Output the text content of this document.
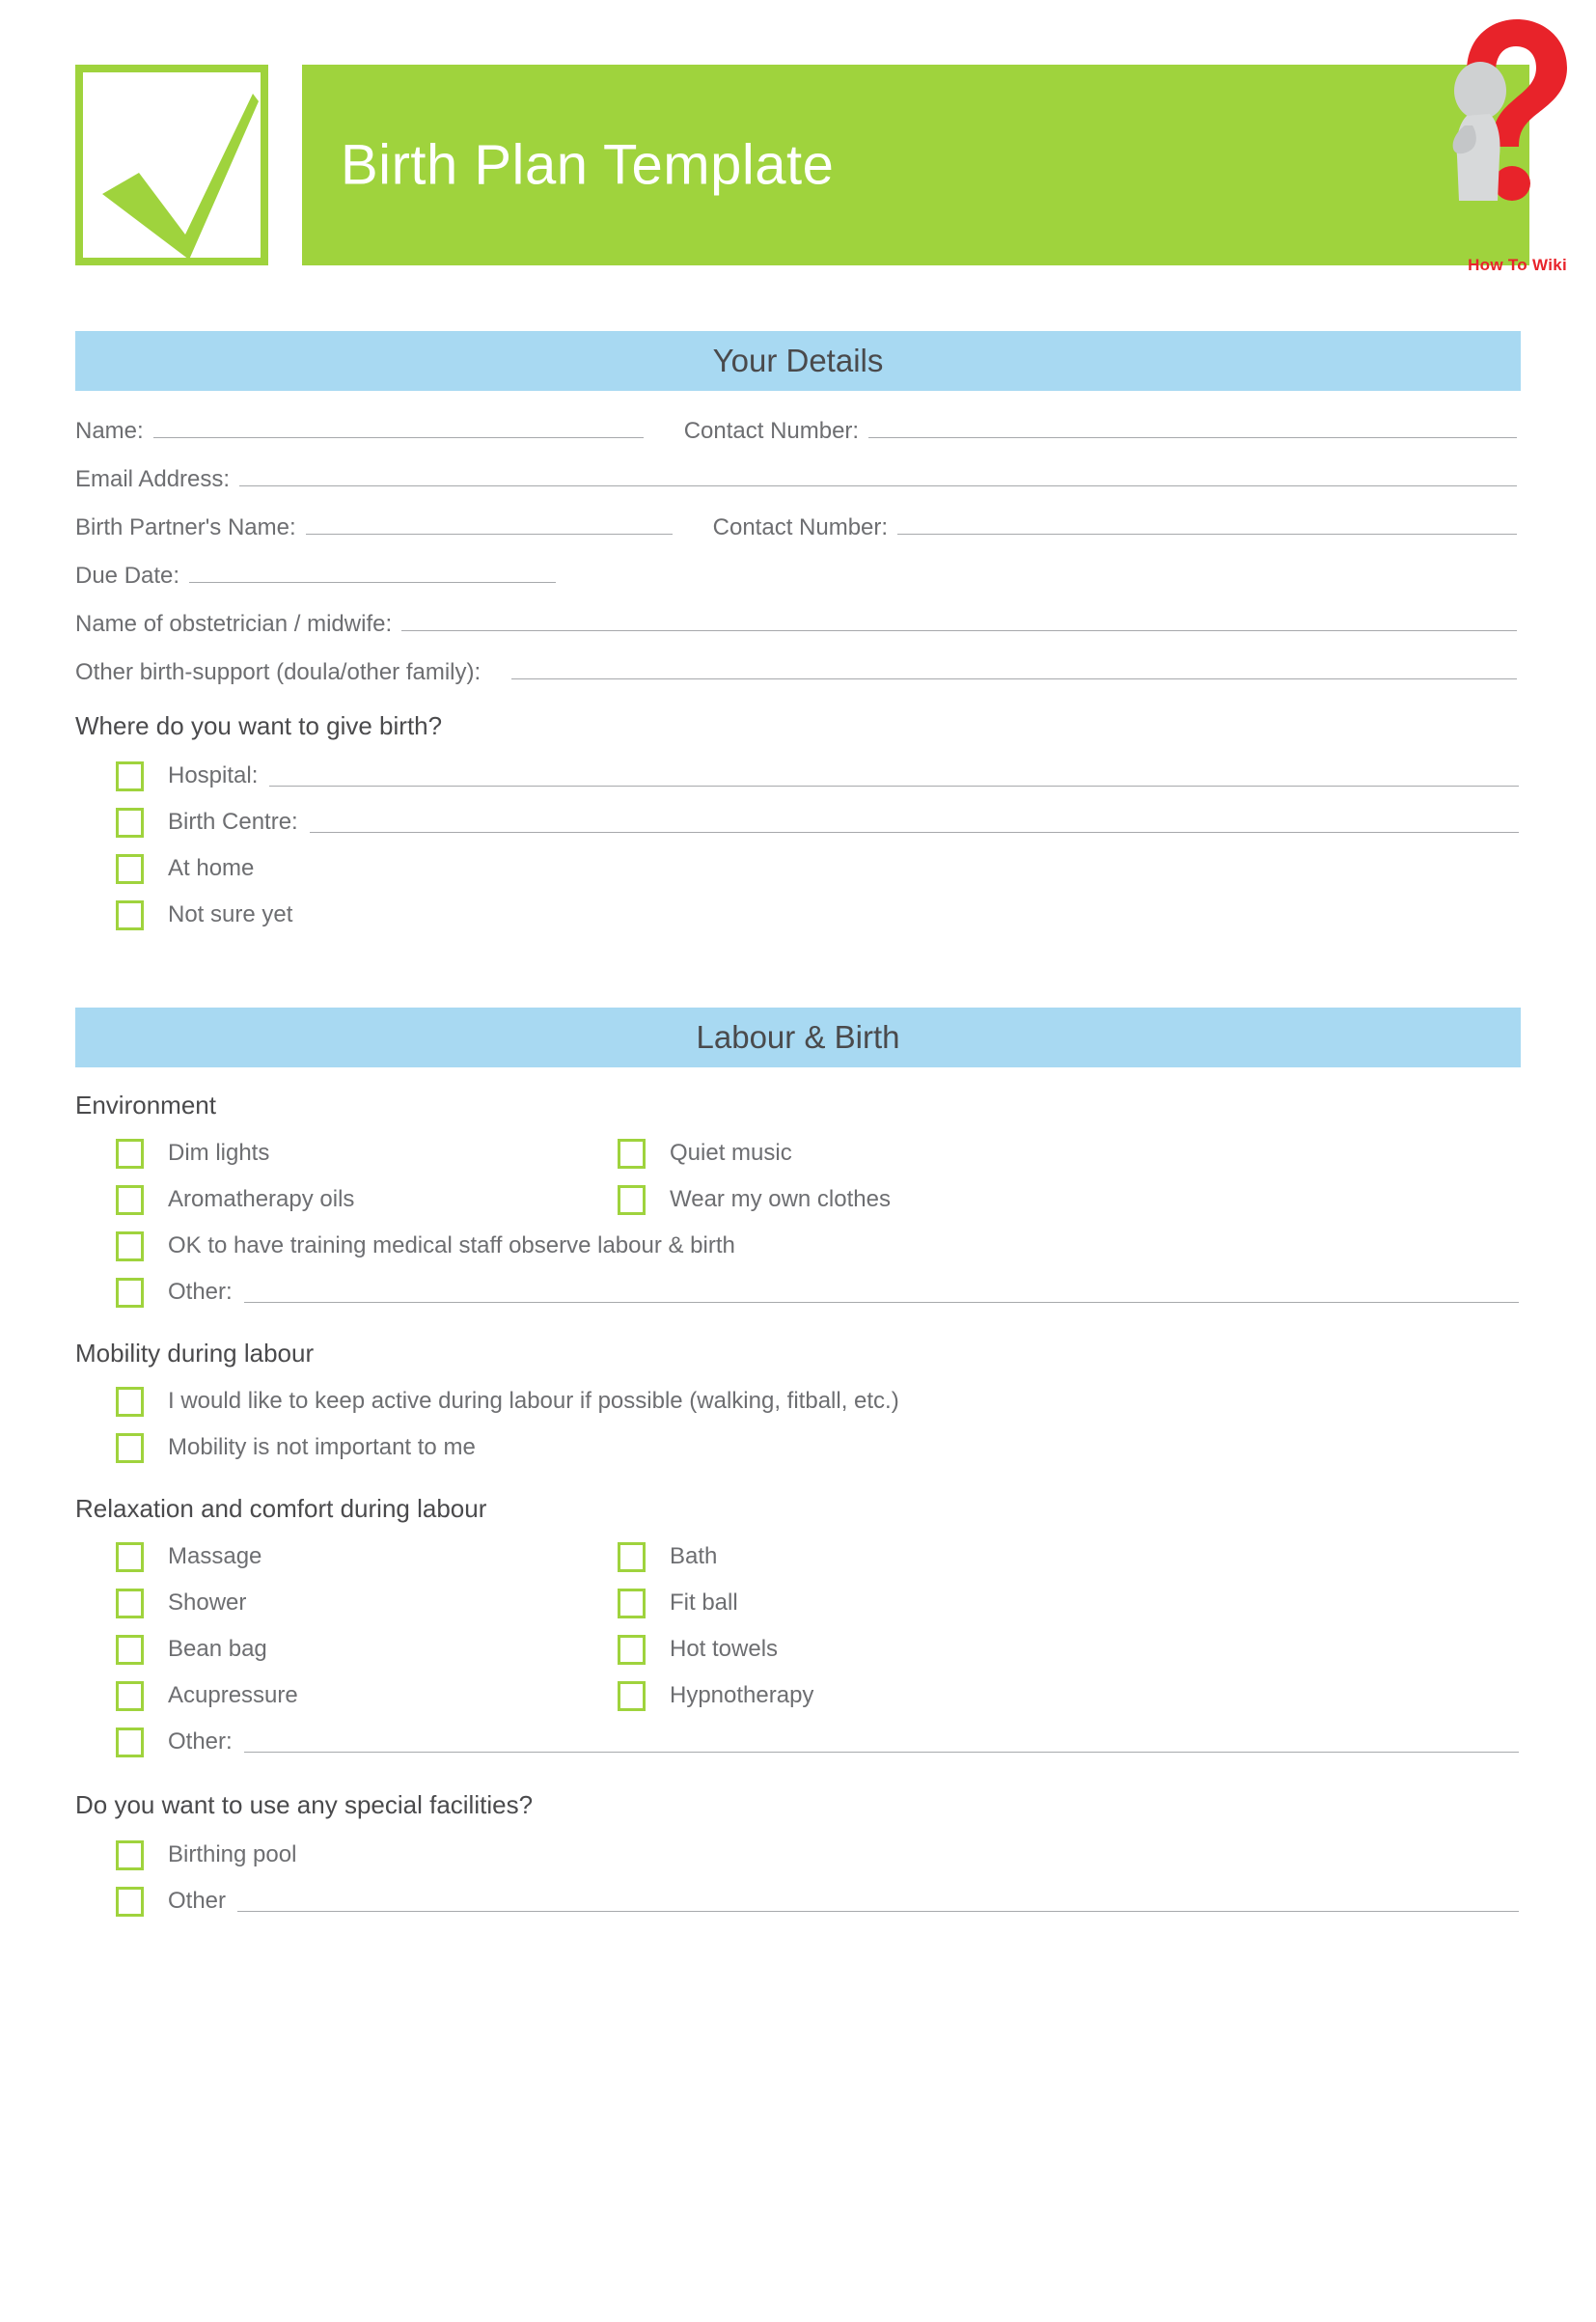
Birth Plan Template
How To Wiki
Your Details
Name:	Contact Number:
Email Address:
Birth Partner's Name:	Contact Number:
Due Date:
Name of obstetrician / midwife:
Other birth-support (doula/other family):
Where do you want to give birth?
Hospital:
Birth Centre:
At home
Not sure yet
Labour & Birth
Environment
Dim lights	Quiet music
Aromatherapy oils	Wear my own clothes
OK to have training medical staff observe labour & birth
Other:
Mobility during labour
I would like to keep active during labour if possible (walking, fitball, etc.)
Mobility is not important to me
Relaxation and comfort during labour
Massage	Bath
Shower	Fit ball
Bean bag	Hot towels
Acupressure	Hypnotherapy
Other:
Do you want to use any special facilities?
Birthing pool
Other
